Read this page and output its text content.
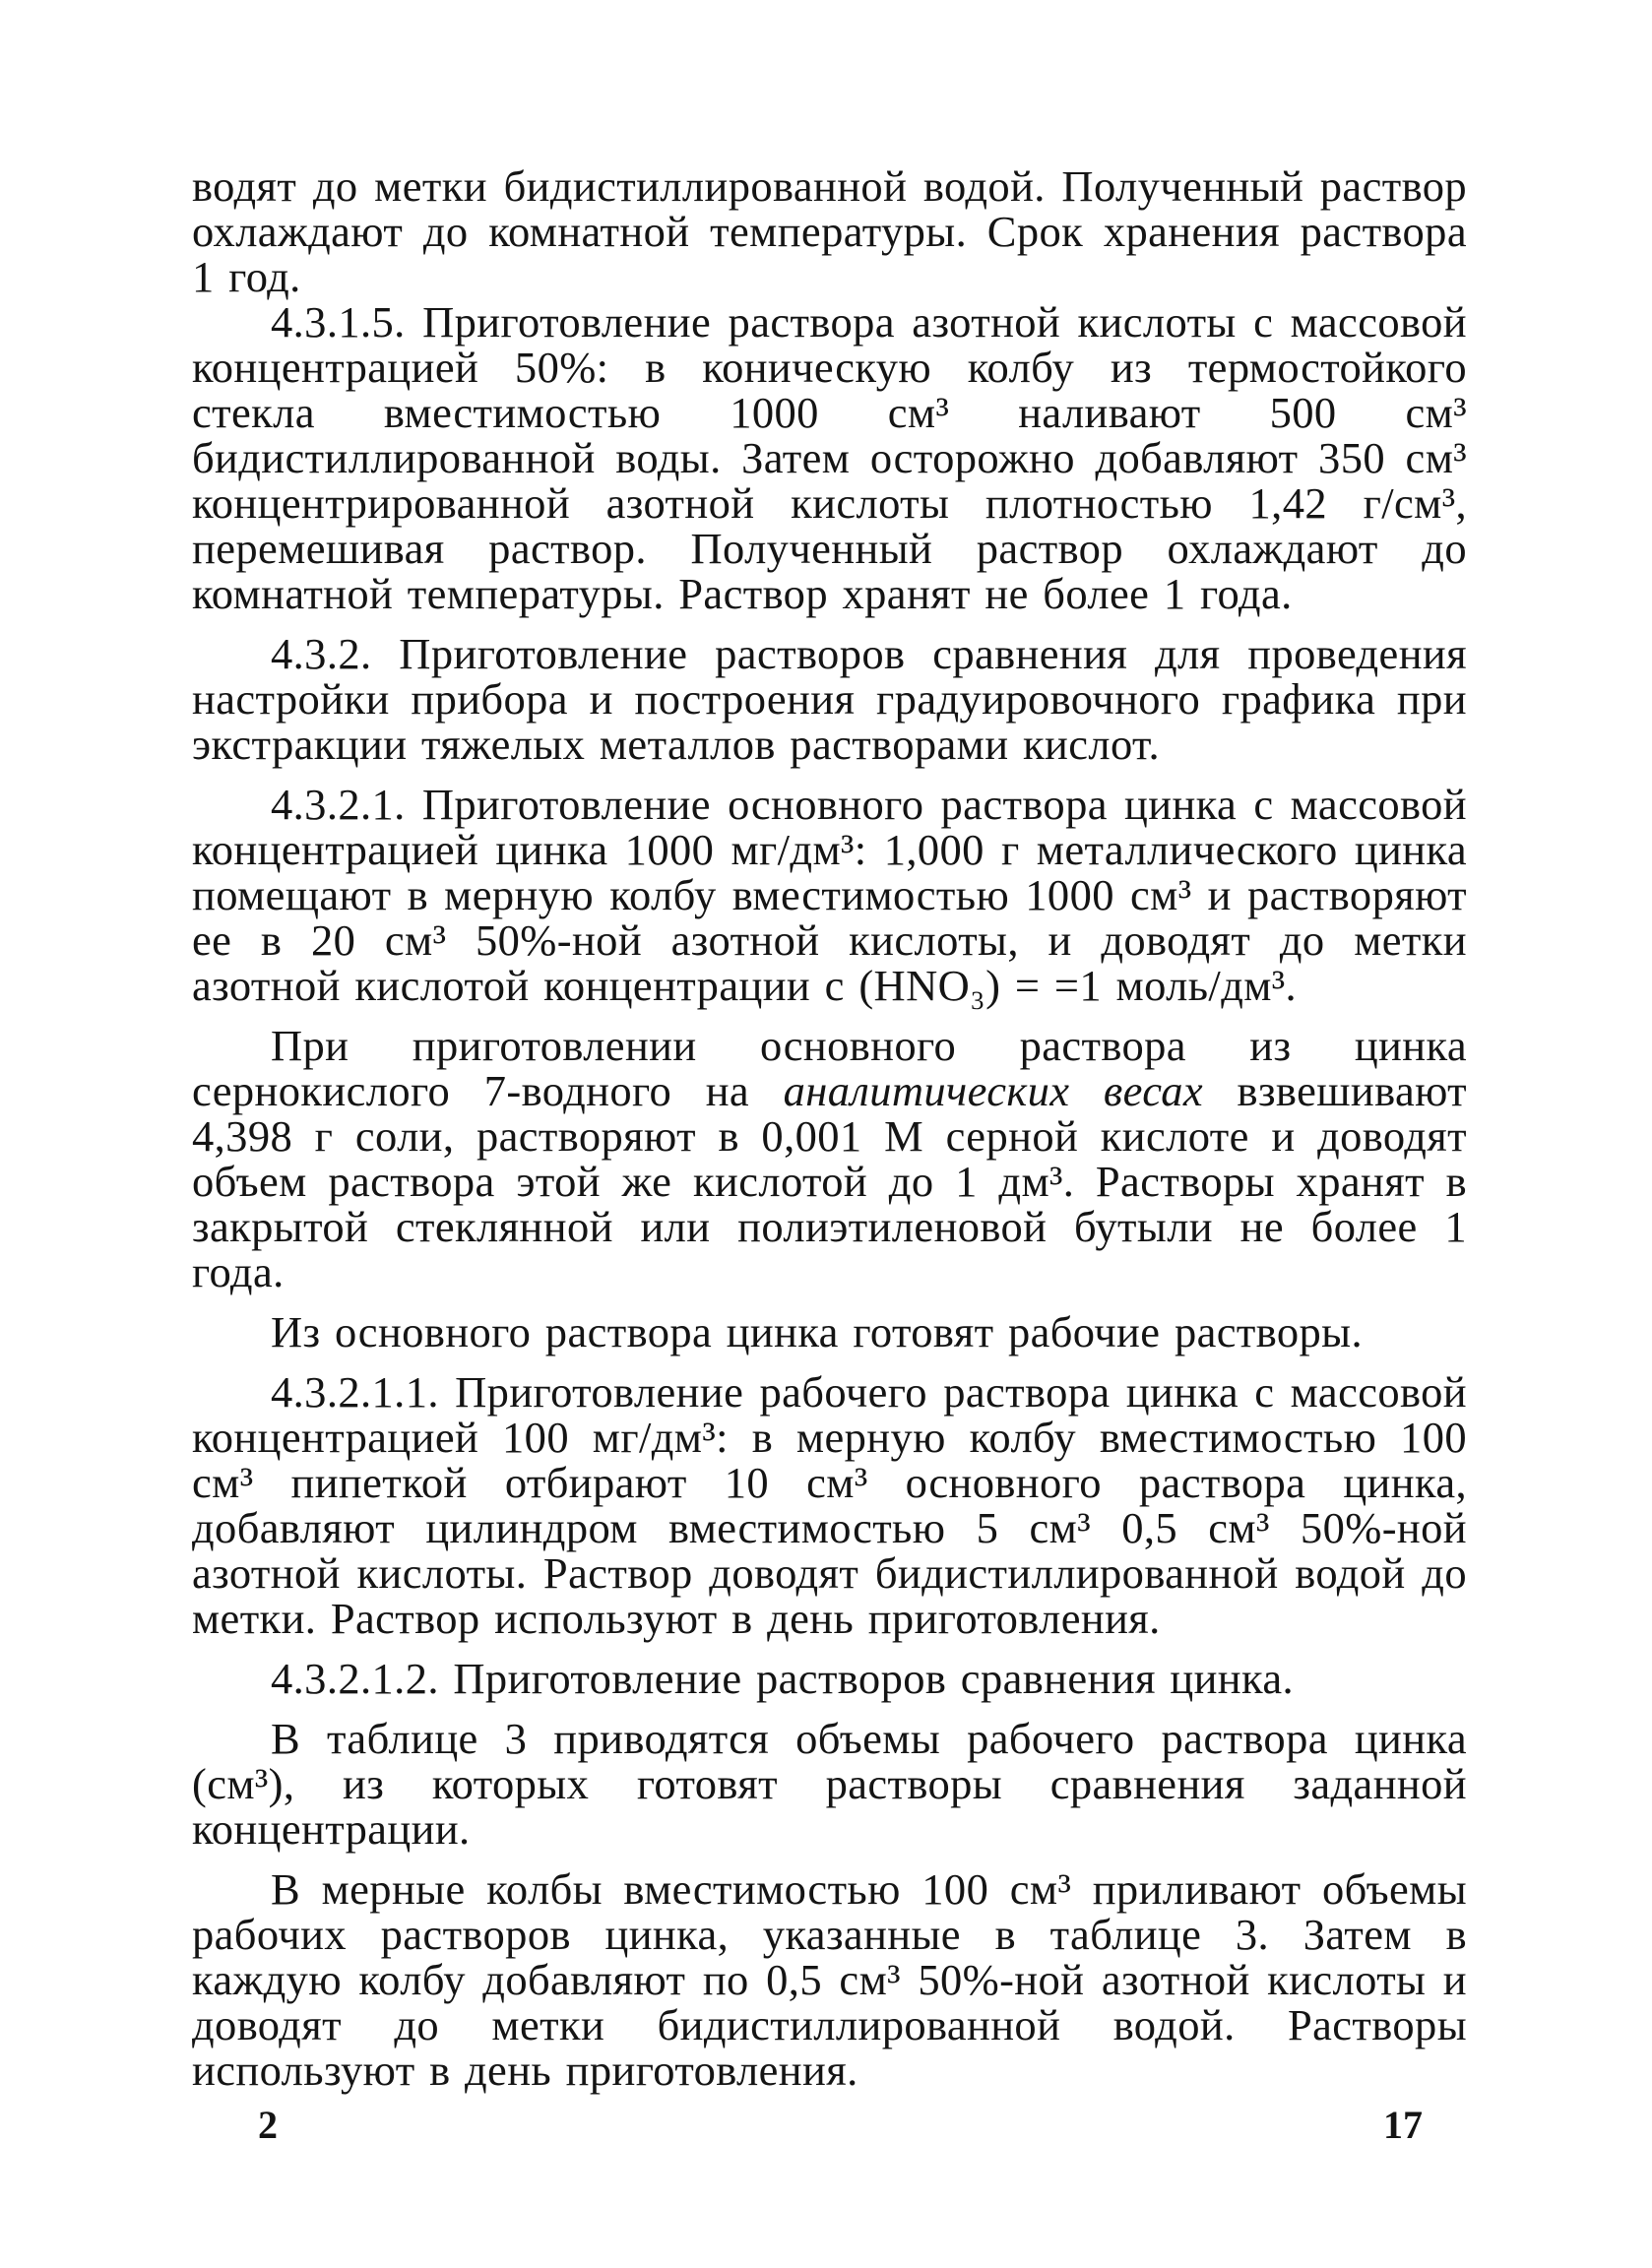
водят до метки бидистиллированной водой. Полученный раствор охлаждают до комнатной температуры. Срок хранения раствора 1 год.

4.3.1.5. Приготовление раствора азотной кислоты с массовой концентрацией 50%: в коническую колбу из термостойкого стекла вместимостью 1000 см³ наливают 500 см³ бидистиллированной воды. Затем осторожно добавляют 350 см³ концентрированной азотной кислоты плотностью 1,42 г/см³, перемешивая раствор. Полученный раствор охлаждают до комнатной температуры. Раствор хранят не более 1 года.

4.3.2. Приготовление растворов сравнения для проведения настройки прибора и построения градуировочного графика при экстракции тяжелых металлов растворами кислот.

4.3.2.1. Приготовление основного раствора цинка с массовой концентрацией цинка 1000 мг/дм³: 1,000 г металлического цинка помещают в мерную колбу вместимостью 1000 см³ и растворяют ее в 20 см³ 50%-ной азотной кислоты, и доводят до метки азотной кислотой концентрации с (HNO₃) = =1 моль/дм³.

При приготовлении основного раствора из цинка сернокислого 7-водного на аналитических весах взвешивают 4,398 г соли, растворяют в 0,001 М серной кислоте и доводят объем раствора этой же кислотой до 1 дм³. Растворы хранят в закрытой стеклянной или полиэтиленовой бутыли не более 1 года.

Из основного раствора цинка готовят рабочие растворы.

4.3.2.1.1. Приготовление рабочего раствора цинка с массовой концентрацией 100 мг/дм³: в мерную колбу вместимостью 100 см³ пипеткой отбирают 10 см³ основного раствора цинка, добавляют цилиндром вместимостью 5 см³ 0,5 см³ 50%-ной азотной кислоты. Раствор доводят бидистиллированной водой до метки. Раствор используют в день приготовления.

4.3.2.1.2. Приготовление растворов сравнения цинка.

В таблице 3 приводятся объемы рабочего раствора цинка (см³), из которых готовят растворы сравнения заданной концентрации.

В мерные колбы вместимостью 100 см³ приливают объемы рабочих растворов цинка, указанные в таблице 3. Затем в каждую колбу добавляют по 0,5 см³ 50%-ной азотной кислоты и доводят до метки бидистиллированной водой. Растворы используют в день приготовления.

2	17
